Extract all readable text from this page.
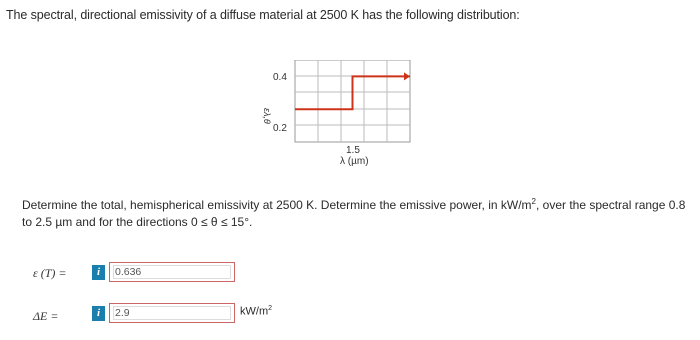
The spectral, directional emissivity of a diffuse material at 2500 K has the following distribution:
0.4
0.2
ελ,θ
1.5
λ (µm)
Determine the total, hemispherical emissivity at 2500 K. Determine the emissive power, in $kW/m^2$, over the spectral range 0.8 to 2.5 µm and for the directions 0 ≤ θ ≤ 15°.
ε (T) =	i	0.636
ΔE =	i	2.9	$kW/m^2$
